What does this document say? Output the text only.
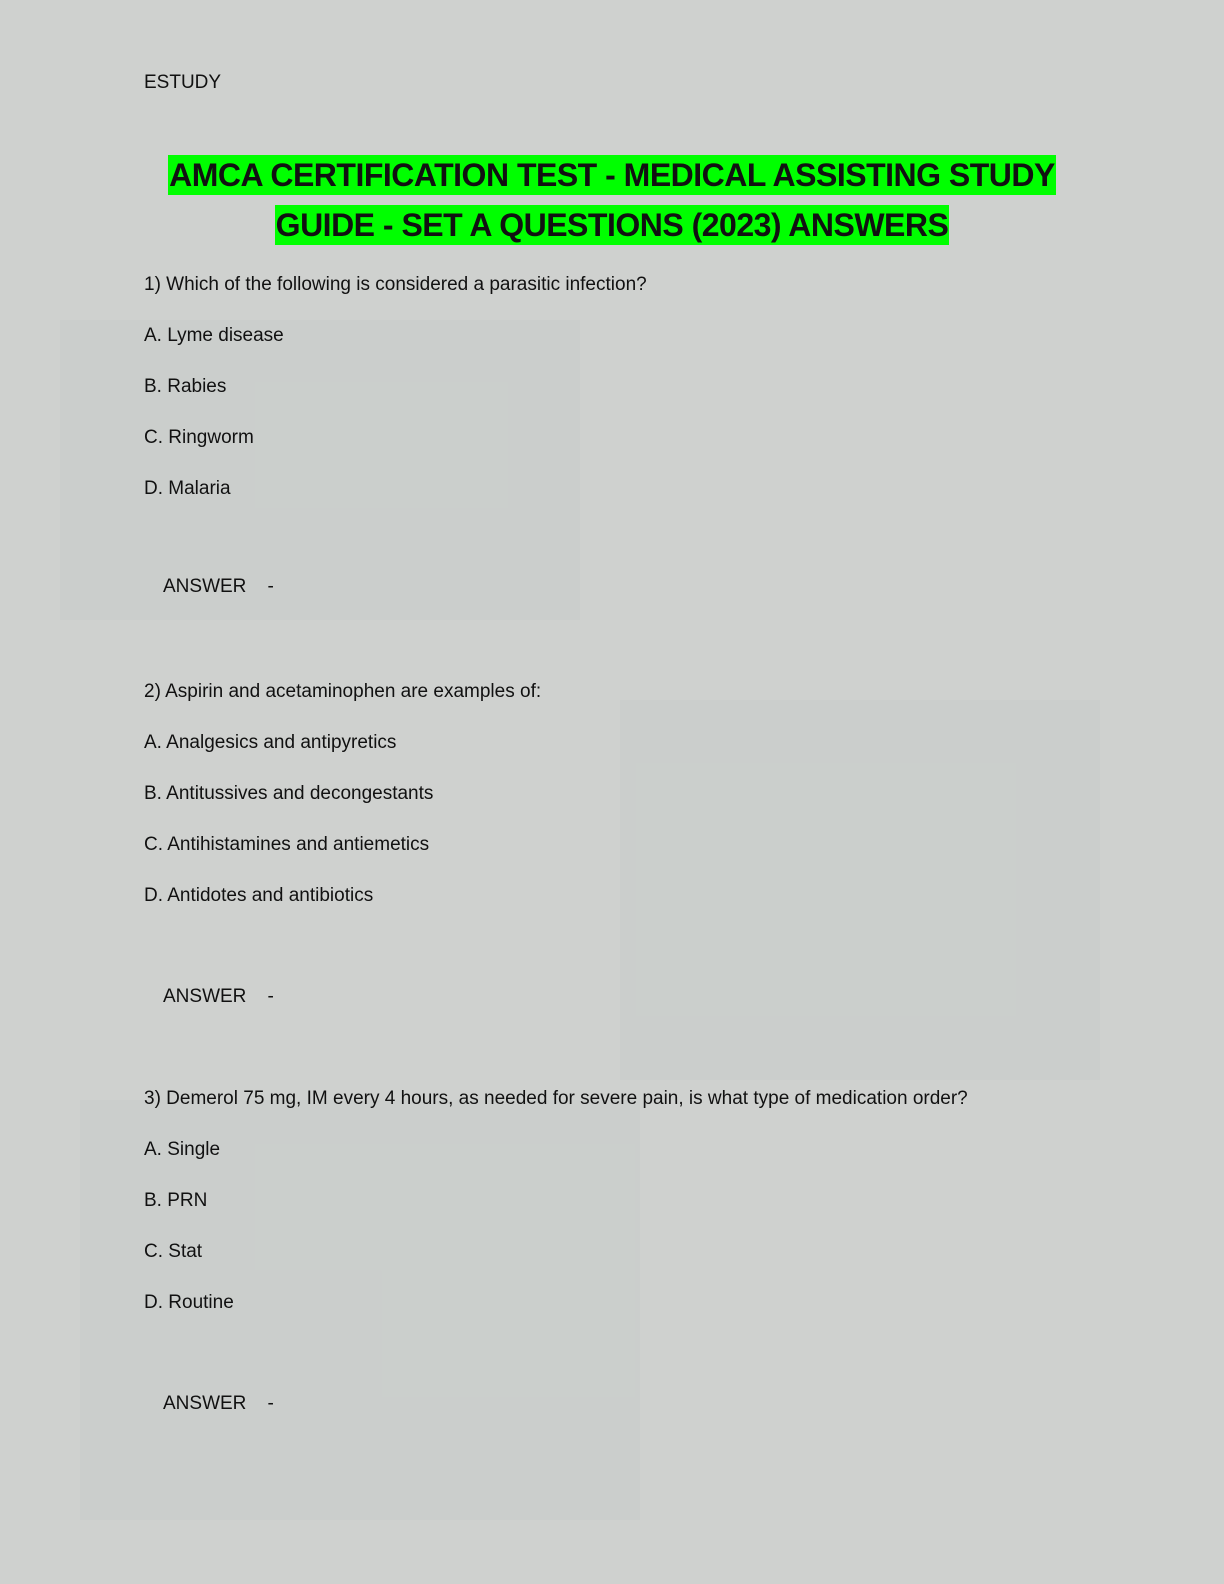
ESTUDY
AMCA CERTIFICATION TEST - MEDICAL ASSISTING STUDY
GUIDE - SET A QUESTIONS (2023) ANSWERS
1) Which of the following is considered a parasitic infection?
A. Lyme disease
B. Rabies
C. Ringworm
D. Malaria
ANSWER    -
2) Aspirin and acetaminophen are examples of:
A. Analgesics and antipyretics
B. Antitussives and decongestants
C. Antihistamines and antiemetics
D. Antidotes and antibiotics
ANSWER    -
3) Demerol 75 mg, IM every 4 hours, as needed for severe pain, is what type of medication order?
A. Single
B. PRN
C. Stat
D. Routine
ANSWER    -
